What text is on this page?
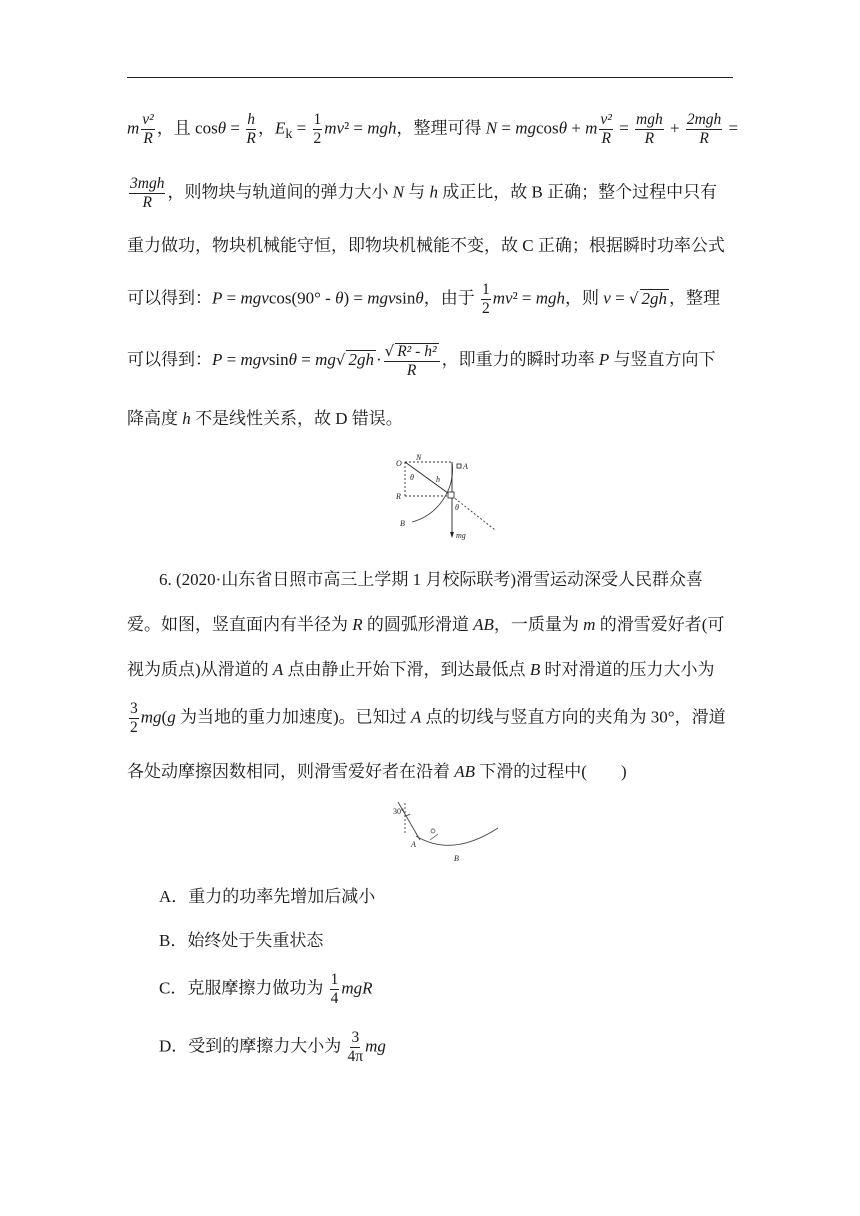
m $\frac{\text{v²}}{R}$ ，且 $\cos\theta = \frac{h}{R}$ ，$E_k = \frac{1}{2} mv^2$ = mgh，整理可得 N = mgcosθ + m $\frac{\text{v²}}{R} = \frac{\text{mgh}}{R} + \frac{\text{2mgh}}{R}$ =
$\frac{\text{3mgh}}{R}$ ，则物块与轨道间的弹力大小 N 与 h 成正比，故 B 正确；整个过程中只有
重力做功，物块机械能守恒，即物块机械能不变，故 C 正确；根据瞬时功率公式
可以得到：P = mgvcos(90° - θ) = mgvsinθ，由于 $\frac{1}{2} mv^2$ = mgh，则 v = √ 2gh ，整理
可以得到：P = mgvsinθ = mg√ $2gh \cdot \frac{\text{√ R² - h²}}{R}$ ，即重力的瞬时功率 P 与竖直方向下
降高度 h 不是线性关系，故 D 错误。
O
N
A
θ	h
R
B
θ
mg
6. (2020·山东省日照市高三上学期 1 月校际联考)滑雪运动深受人民群众喜
爱。如图，竖直面内有半径为 R 的圆弧形滑道 AB，一质量为 m 的滑雪爱好者(可
视为质点)从滑道的 A 点由静止开始下滑，到达最低点 B 时对滑道的压力大小为
$\frac{3}{2} mg(g$ 为当地的重力加速度)。已知过 A 点的切线与竖直方向的夹角为 30°，滑道
各处动摩擦因数相同，则滑雪爱好者在沿着 AB 下滑的过程中(　　)
30°
A
B
A．重力的功率先增加后减小
B．始终处于失重状态
C．克服摩擦力做功为 $\frac{1}{4}$ mgR
D．受到的摩擦力大小为 $\frac{3}{4\pi}$ mg
